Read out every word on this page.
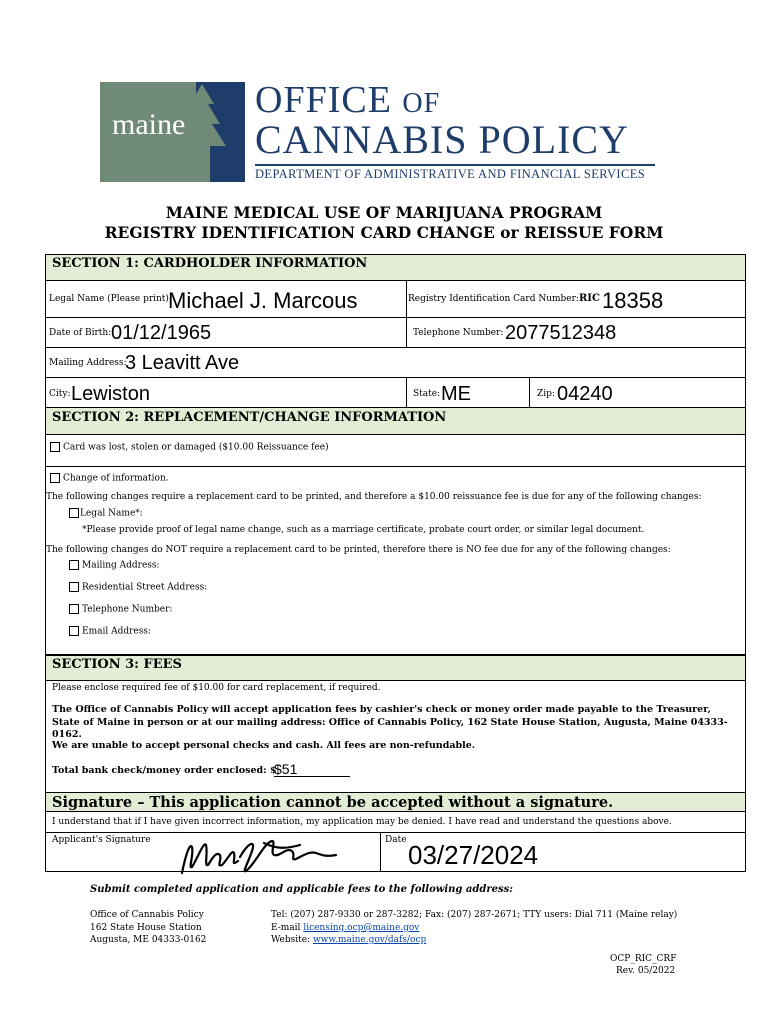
maine
OFFICE OF
CANNABIS POLICY
DEPARTMENT OF ADMINISTRATIVE AND FINANCIAL SERVICES
MAINE MEDICAL USE OF MARIJUANA PROGRAM
REGISTRY IDENTIFICATION CARD CHANGE or REISSUE FORM
SECTION 1: CARDHOLDER INFORMATION
Legal Name (Please print):
Michael J. Marcous	Registry Identification Card Number: RIC 18358
Date of Birth: 01/12/1965	Telephone Number: 2077512348
Mailing Address:
3 Leavitt Ave
City: Lewiston	State: ME	Zip: 04240
SECTION 2: REPLACEMENT/CHANGE INFORMATION
Card was lost, stolen or damaged ($10.00 Reissuance fee)
Change of information.
The following changes require a replacement card to be printed, and therefore a $10.00 reissuance fee is due for any of the following changes:
Legal Name*:
*Please provide proof of legal name change, such as a marriage certificate, probate court order, or similar legal document.
The following changes do NOT require a replacement card to be printed, therefore there is NO fee due for any of the following changes:
Mailing Address:
Residential Street Address:
Telephone Number:
Email Address:
SECTION 3: FEES
Please enclose required fee of $10.00 for card replacement, if required.
The Office of Cannabis Policy will accept application fees by cashier's check or money order made payable to the Treasurer, State of Maine in person or at our mailing address: Office of Cannabis Policy, 162 State House Station, Augusta, Maine 04333-0162.
We are unable to accept personal checks and cash. All fees are non-refundable.
Total bank check/money order enclosed: $
$51
Signature – This application cannot be accepted without a signature.
I understand that if I have given incorrect information, my application may be denied. I have read and understand the questions above.
Applicant's Signature	Date 03/27/2024
Submit completed application and applicable fees to the following address:
Office of Cannabis Policy
162 State House Station
Augusta, ME 04333-0162
Tel: (207) 287-9330 or 287-3282; Fax: (207) 287-2671; TTY users: Dial 711 (Maine relay)
E-mail licensing.ocp@maine.gov
Website: www.maine.gov/dafs/ocp
OCP_RIC_CRF
Rev. 05/2022
